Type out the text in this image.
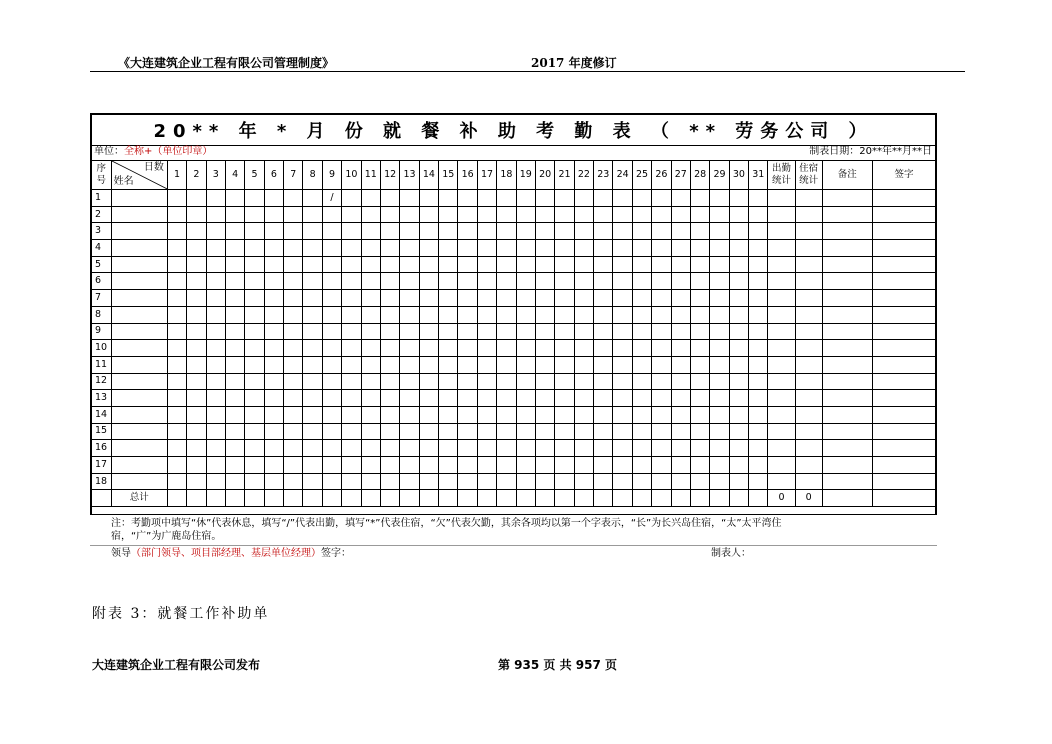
《大连建筑企业工程有限公司管理制度》	2017 年度修订
20** 年 * 月 份 就 餐 补 助 考 勤 表 （ ** 劳务公司 ）
单位：全称+（单位印章）	制表日期：20**年**月**日
序号	日数
姓名	1	2	3	4	5	6	7	8	9	10	11	12	13	14	15	16	17	18	19	20	21	22	23	24	25	26	27	28	29	30	31	出勤统计	住宿统计	备注	签字
1										/																										
2																																				
3																																				
4																																				
5																																				
6																																				
7																																				
8																																				
9																																				
10																																				
11																																				
12																																				
13																																				
14																																				
15																																				
16																																				
17																																				
18																																				
	总计																																0	0		

注：考勤项中填写“休”代表休息，填写“/”代表出勤，填写“*”代表住宿，“欠”代表欠勤，其余各项均以第一个字表示，“长”为长兴岛住宿，“太”太平湾住宿，“广”为广鹿岛住宿。
领导（部门领导、项目部经理、基层单位经理）签字：	制表人：
附表 3：就餐工作补助单
大连建筑企业工程有限公司发布	第 935 页 共 957 页
